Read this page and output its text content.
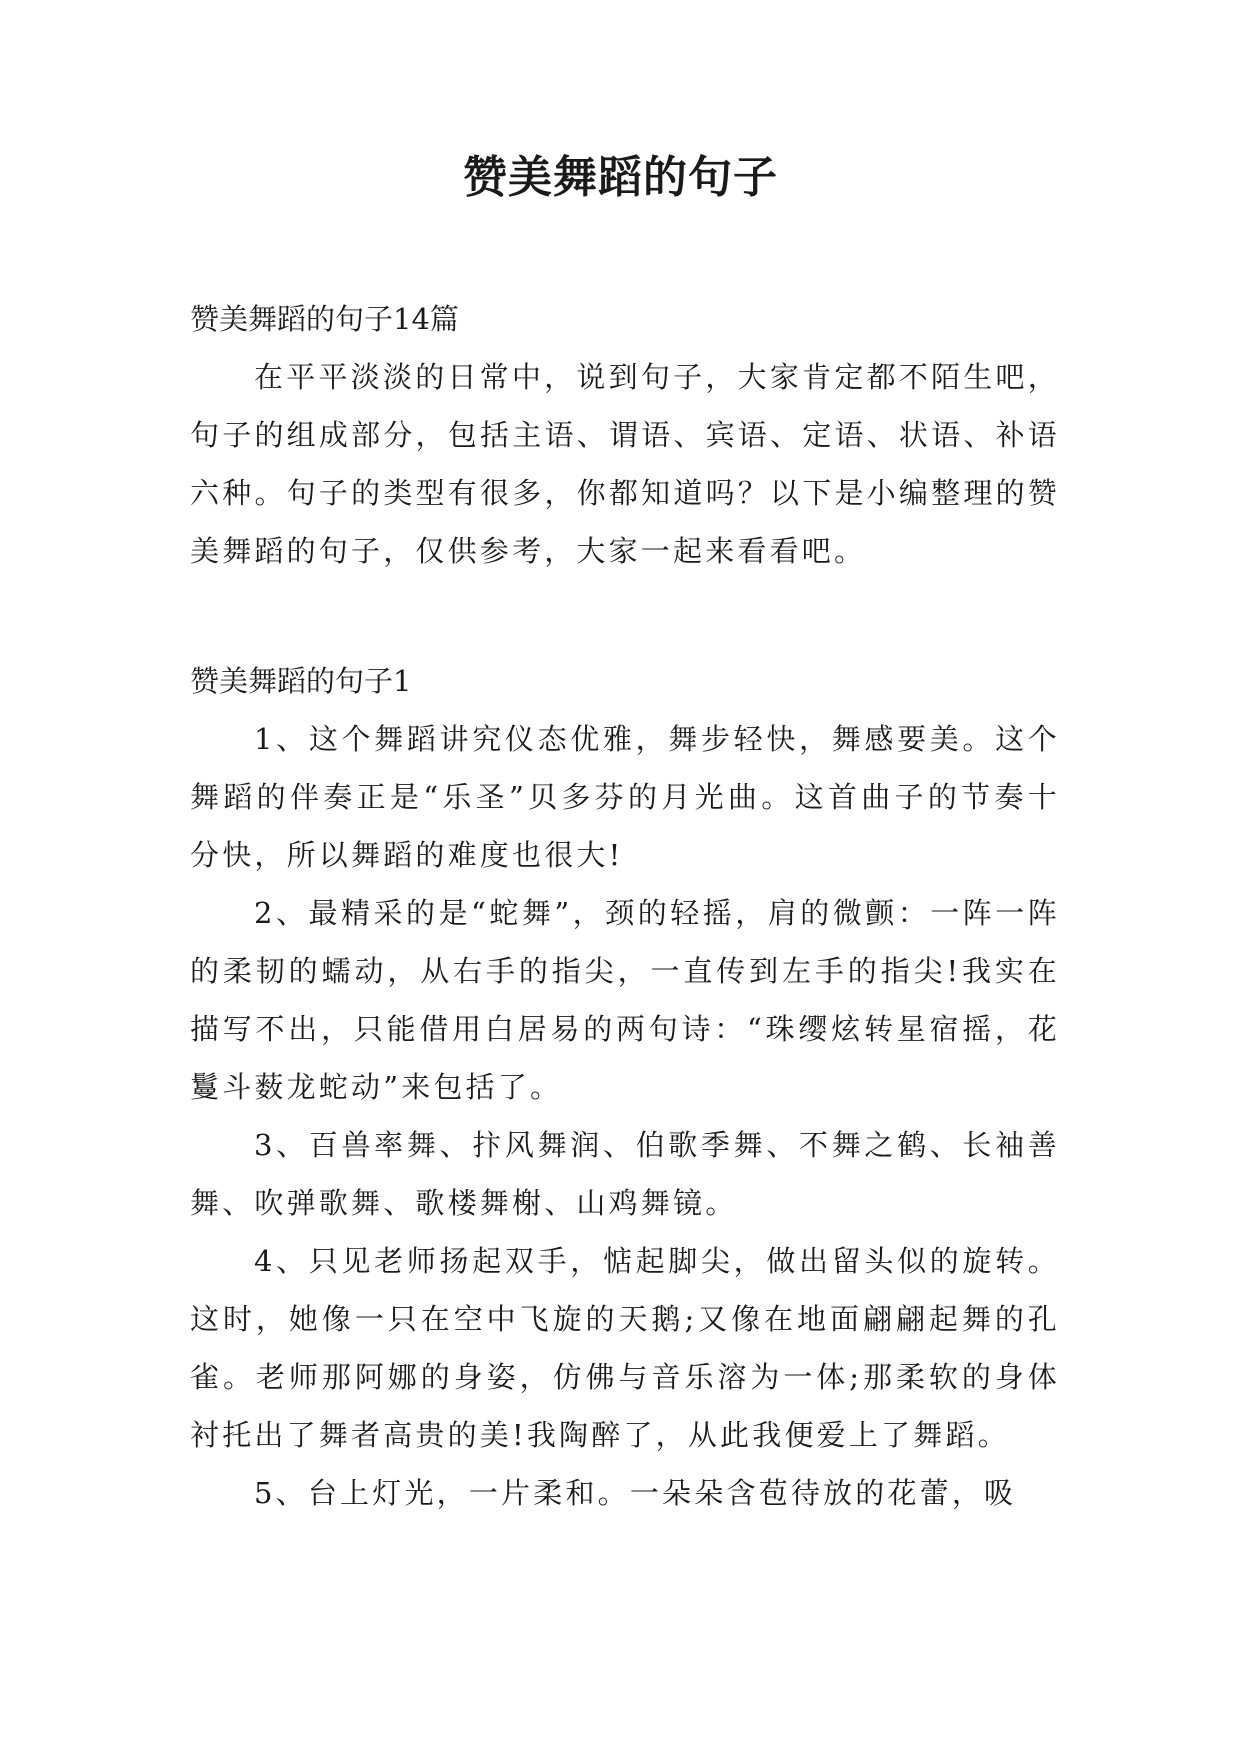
赞美舞蹈的句子

赞美舞蹈的句子14篇

在平平淡淡的日常中，说到句子，大家肯定都不陌生吧，句子的组成部分，包括主语、谓语、宾语、定语、状语、补语六种。句子的类型有很多，你都知道吗？以下是小编整理的赞美舞蹈的句子，仅供参考，大家一起来看看吧。

赞美舞蹈的句子1

1、这个舞蹈讲究仪态优雅，舞步轻快，舞感要美。这个舞蹈的伴奏正是“乐圣”贝多芬的月光曲。这首曲子的节奏十分快，所以舞蹈的难度也很大!

2、最精采的是“蛇舞”，颈的轻摇，肩的微颤：一阵一阵的柔韧的蠕动，从右手的指尖，一直传到左手的指尖!我实在描写不出，只能借用白居易的两句诗：“珠缨炫转星宿摇，花鬘斗薮龙蛇动”来包括了。

3、百兽率舞、抃风舞润、伯歌季舞、不舞之鹤、长袖善舞、吹弹歌舞、歌楼舞榭、山鸡舞镜。

4、只见老师扬起双手，惦起脚尖，做出留头似的旋转。这时，她像一只在空中飞旋的天鹅;又像在地面翩翩起舞的孔雀。老师那阿娜的身姿，仿佛与音乐溶为一体;那柔软的身体衬托出了舞者高贵的美!我陶醉了，从此我便爱上了舞蹈。

5、台上灯光，一片柔和。一朵朵含苞待放的花蕾，吸
